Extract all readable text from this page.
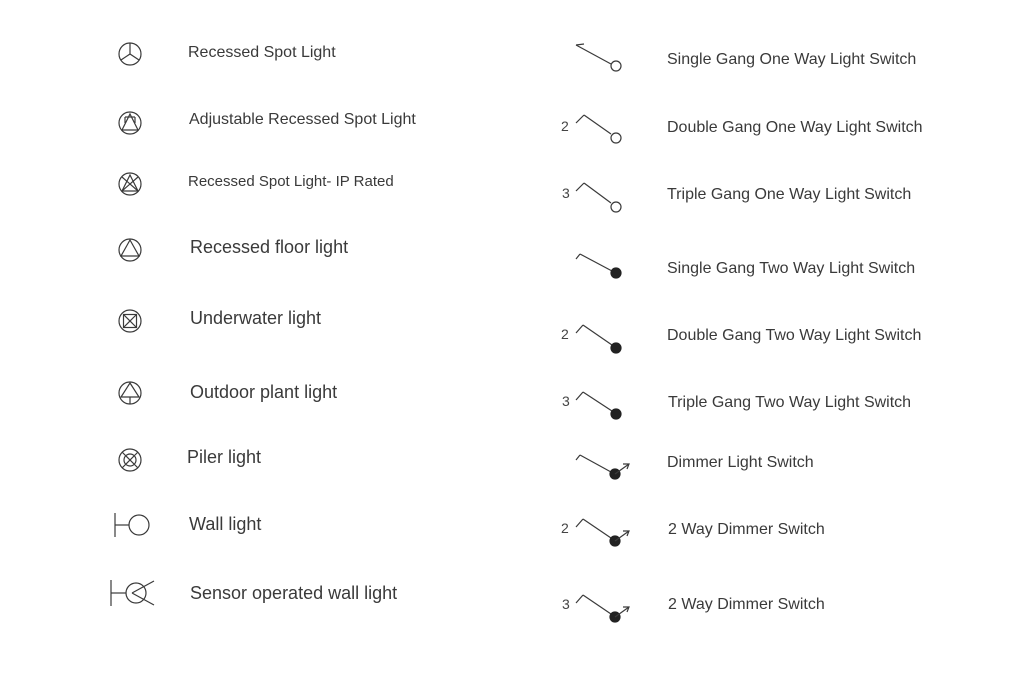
Recessed Spot Light
Adjustable Recessed Spot Light
Recessed Spot Light- IP Rated
Recessed floor light
Underwater light
Outdoor plant light
Piler light
Wall light
Sensor operated wall light
Single Gang One Way Light Switch
2	Double Gang One Way Light Switch
3	Triple Gang One Way Light Switch
Single Gang Two Way Light Switch
2	Double Gang Two Way Light Switch
3	Triple Gang Two Way Light Switch
Dimmer Light Switch
2	2 Way Dimmer Switch
3	2 Way Dimmer Switch
